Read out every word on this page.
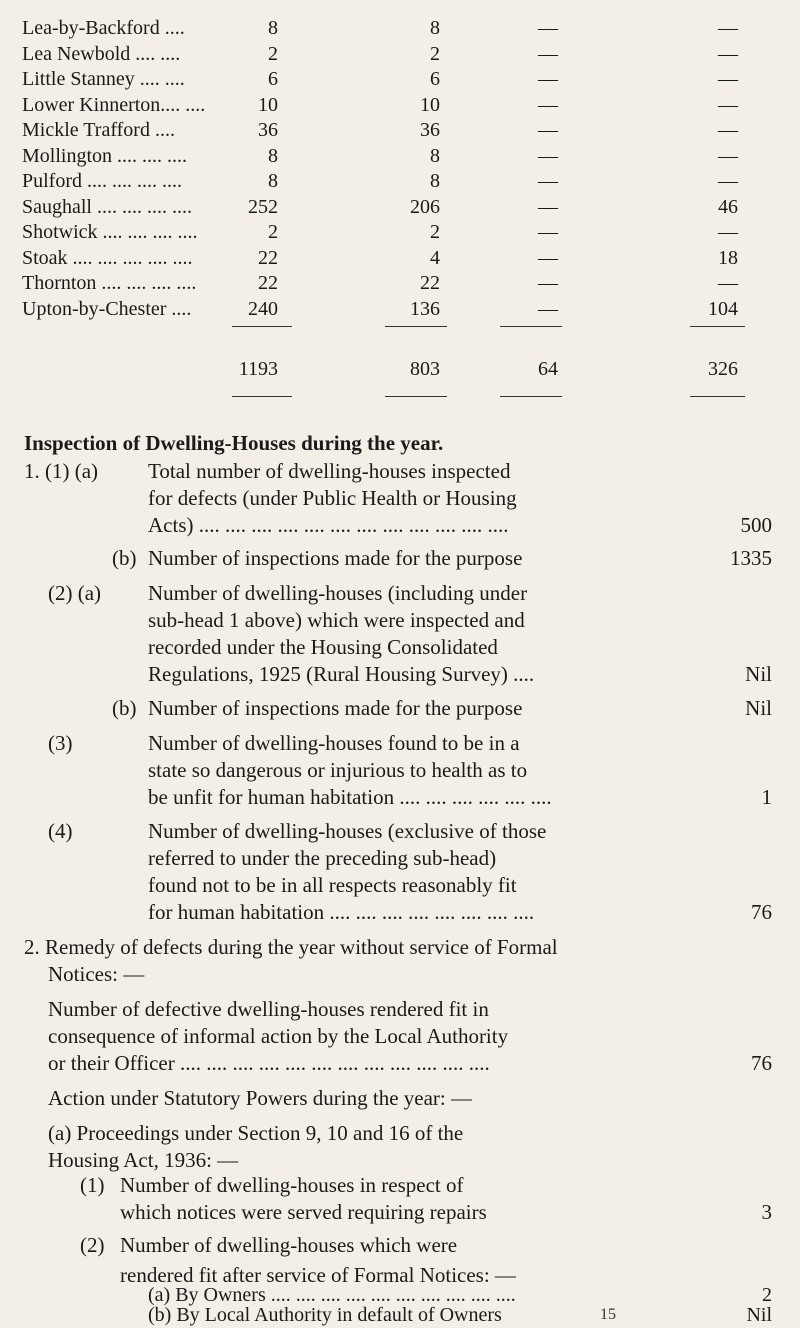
Lea-by-Backford ....	8	8	—	—
Lea Newbold .... ....	2	2	—	—
Little Stanney .... ....	6	6	—	—
Lower Kinnerton.... ....	10	10	—	—
Mickle Trafford ....	36	36	—	—
Mollington .... .... ....	8	8	—	—
Pulford .... .... .... ....	8	8	—	—
Saughall .... .... .... ....	252	206	—	46
Shotwick .... .... .... ....	2	2	—	—
Stoak .... .... .... .... ....	22	4	—	18
Thornton .... .... .... ....	22	22	—	—
Upton-by-Chester ....	240	136	—	104
1193	803	64	326
Inspection of Dwelling-Houses during the year.
1. (1) (a) Total number of dwelling-houses inspected
for defects (under Public Health or Housing
Acts) .... .... .... .... .... .... .... .... .... .... .... ....	500
(b) Number of inspections made for the purpose	1335
(2) (a) Number of dwelling-houses (including under
sub-head 1 above) which were inspected and
recorded under the Housing Consolidated
Regulations, 1925 (Rural Housing Survey) ....	Nil
(b) Number of inspections made for the purpose	Nil
(3)	Number of dwelling-houses found to be in a
state so dangerous or injurious to health as to
be unfit for human habitation .... .... .... .... .... ....	1
(4)	Number of dwelling-houses (exclusive of those
referred to under the preceding sub-head)
found not to be in all respects reasonably fit
for human habitation .... .... .... .... .... .... .... ....	76
2. Remedy of defects during the year without service of Formal
Notices: —
Number of defective dwelling-houses rendered fit in
consequence of informal action by the Local Authority
or their Officer .... .... .... .... .... .... .... .... .... .... .... ....	76
Action under Statutory Powers during the year: —
(a) Proceedings under Section 9, 10 and 16 of the
Housing Act, 1936: —
(1) Number of dwelling-houses in respect of
which notices were served requiring repairs	3
(2) Number of dwelling-houses which were
rendered fit after service of Formal Notices: —
(a) By Owners .... .... .... .... .... .... .... .... .... ....	2
(b) By Local Authority in default of Owners	Nil
15
